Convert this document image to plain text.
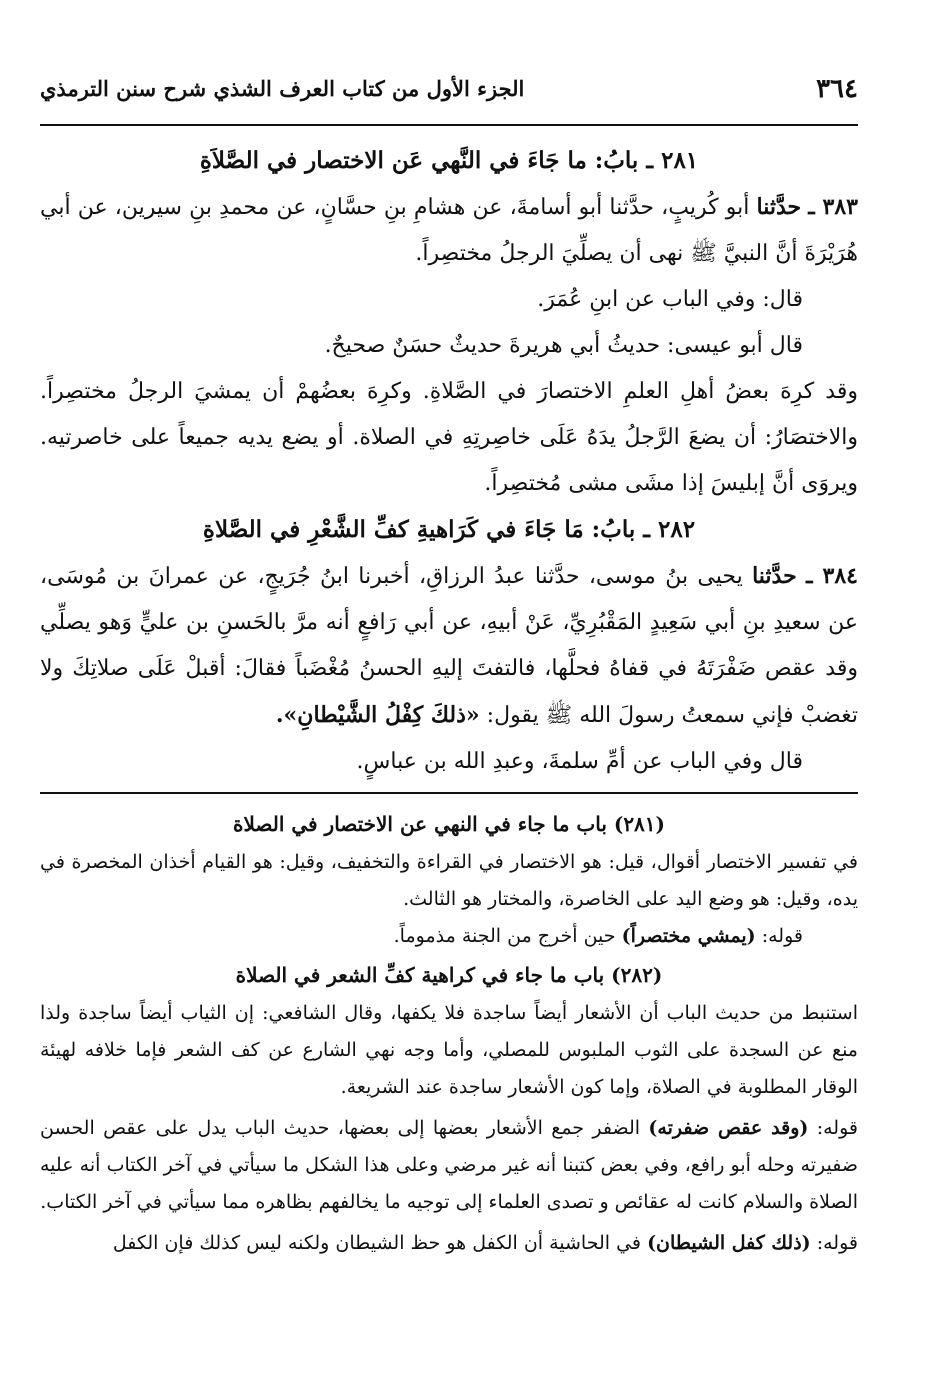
٣٦٤
الجزء الأول من كتاب العرف الشذي شرح سنن الترمذي
٢٨١ ـ بابُ: ما جَاءَ في النَّهي عَن الاختصار في الصَّلاَةِ

٣٨٣ ـ حدَّثنا أبو كُريبٍ، حدَّثنا أبو أسامةَ، عن هشامِ بنِ حسَّانٍ، عن محمدِ بنِ سيرين، عن أبي هُرَيْرَةَ أنَّ النبيَّ ﷺ نهى أن يصلِّيَ الرجلُ مختصِراً.

قال: وفي الباب عن ابنِ عُمَرَ.

قال أبو عيسى: حديثُ أبي هريرةَ حديثٌ حسَنٌ صحيحٌ.

وقد كرِهَ بعضُ أهلِ العلمِ الاختصارَ في الصَّلاةِ. وكرِهَ بعضُهمْ أن يمشيَ الرجلُ مختصِراً. والاختصَارُ: أن يضعَ الرَّجلُ يدَهُ عَلَى خاصِرتِهِ في الصلاة. أو يضع يديه جميعاً على خاصرتيه. ويروَى أنَّ إبليسَ إذا مشَى مشى مُختصِراً.

٢٨٢ ـ بابُ: مَا جَاءَ في كَرَاهيةِ كفِّ الشَّعْرِ في الصَّلاةِ

٣٨٤ ـ حدَّثنا يحيى بنُ موسى، حدَّثنا عبدُ الرزاقِ، أخبرنا ابنُ جُرَيجٍ، عن عمرانَ بن مُوسَى، عن سعيدِ بنِ أبي سَعِيدٍ المَقْبُرِيِّ، عَنْ أبيهِ، عن أبي رَافعٍ أنه مرَّ بالحَسنِ بن عليٍّ وَهو يصلِّي وقد عقص ضَفْرَتَهُ في قفاهُ فحلَّها، فالتفتَ إليهِ الحسنُ مُغْضَباً فقالَ: أقبلْ عَلَى صلاتِكَ ولا تغضبْ فإني سمعتُ رسولَ الله ﷺ يقول: «ذلكَ كِفْلُ الشَّيْطانِ».

قال وفي الباب عن أمِّ سلمةَ، وعبدِ الله بن عباسٍ.

(٢٨١) باب ما جاء في النهي عن الاختصار في الصلاة

في تفسير الاختصار أقوال، قيل: هو الاختصار في القراءة والتخفيف، وقيل: هو القيام أخذان المخصرة في يده، وقيل: هو وضع اليد على الخاصرة، والمختار هو الثالث.

قوله: (يمشي مختصراً) حين أخرج من الجنة مذموماً.

(٢٨٢) باب ما جاء في كراهية كفِّ الشعر في الصلاة

استنبط من حديث الباب أن الأشعار أيضاً ساجدة فلا يكفها، وقال الشافعي: إن الثياب أيضاً ساجدة ولذا منع عن السجدة على الثوب الملبوس للمصلي، وأما وجه نهي الشارع عن كف الشعر فإما خلافه لهيئة الوقار المطلوبة في الصلاة، وإما كون الأشعار ساجدة عند الشريعة.

قوله: (وقد عقص ضفرته) الضفر جمع الأشعار بعضها إلى بعضها، حديث الباب يدل على عقص الحسن ضفيرته وحله أبو رافع، وفي بعض كتبنا أنه غير مرضي وعلى هذا الشكل ما سيأتي في آخر الكتاب أنه عليه الصلاة والسلام كانت له عقائص و تصدى العلماء إلى توجيه ما يخالفهم بظاهره مما سيأتي في آخر الكتاب.

قوله: (ذلك كفل الشيطان) في الحاشية أن الكفل هو حظ الشيطان ولكنه ليس كذلك فإن الكفل
